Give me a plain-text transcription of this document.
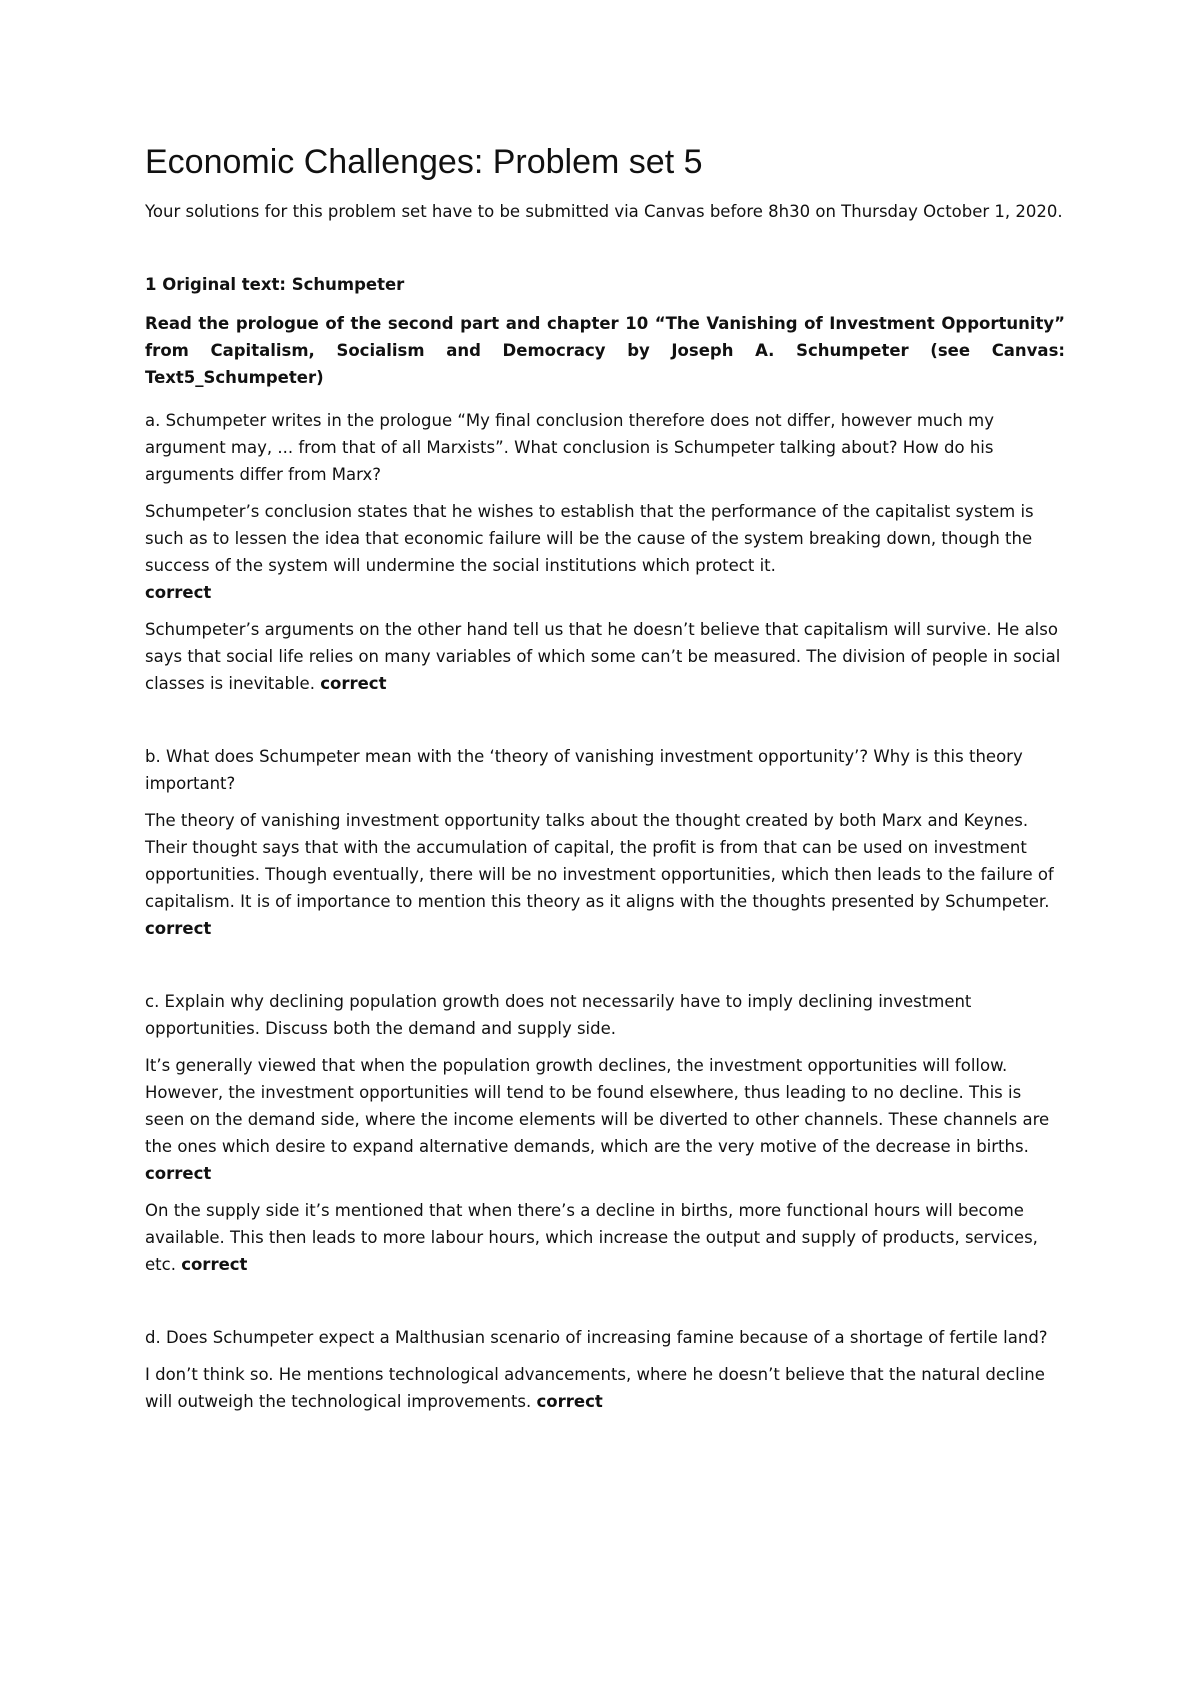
Economic Challenges: Problem set 5

Your solutions for this problem set have to be submitted via Canvas before 8h30 on Thursday October 1, 2020.

1 Original text: Schumpeter

Read the prologue of the second part and chapter 10 “The Vanishing of Investment Opportunity” from Capitalism, Socialism and Democracy by Joseph A. Schumpeter (see Canvas: Text5_Schumpeter)

a. Schumpeter writes in the prologue “My final conclusion therefore does not differ, however much my argument may, ... from that of all Marxists”. What conclusion is Schumpeter talking about? How do his arguments differ from Marx?

Schumpeter’s conclusion states that he wishes to establish that the performance of the capitalist system is such as to lessen the idea that economic failure will be the cause of the system breaking down, though the success of the system will undermine the social institutions which protect it.
correct

Schumpeter’s arguments on the other hand tell us that he doesn’t believe that capitalism will survive. He also says that social life relies on many variables of which some can’t be measured. The division of people in social classes is inevitable. correct

b. What does Schumpeter mean with the ‘theory of vanishing investment opportunity’? Why is this theory important?

The theory of vanishing investment opportunity talks about the thought created by both Marx and Keynes. Their thought says that with the accumulation of capital, the profit is from that can be used on investment opportunities. Though eventually, there will be no investment opportunities, which then leads to the failure of capitalism. It is of importance to mention this theory as it aligns with the thoughts presented by Schumpeter. correct

c. Explain why declining population growth does not necessarily have to imply declining investment opportunities. Discuss both the demand and supply side.

It’s generally viewed that when the population growth declines, the investment opportunities will follow. However, the investment opportunities will tend to be found elsewhere, thus leading to no decline. This is seen on the demand side, where the income elements will be diverted to other channels. These channels are the ones which desire to expand alternative demands, which are the very motive of the decrease in births. correct

On the supply side it’s mentioned that when there’s a decline in births, more functional hours will become available. This then leads to more labour hours, which increase the output and supply of products, services, etc. correct

d. Does Schumpeter expect a Malthusian scenario of increasing famine because of a shortage of fertile land?

I don’t think so. He mentions technological advancements, where he doesn’t believe that the natural decline will outweigh the technological improvements. correct
